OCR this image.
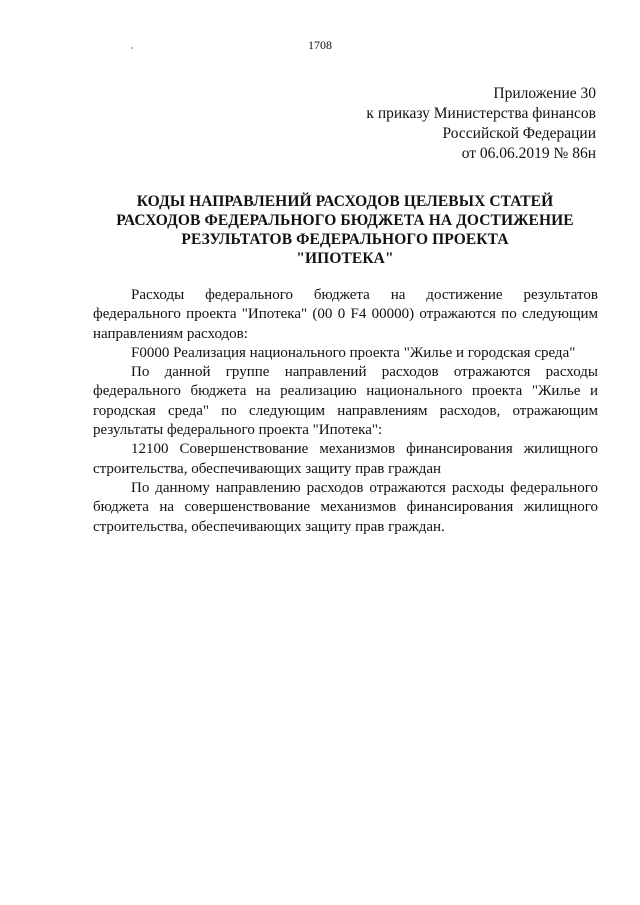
1708
Приложение 30
к приказу Министерства финансов
Российской Федерации
от 06.06.2019 № 86н
КОДЫ НАПРАВЛЕНИЙ РАСХОДОВ ЦЕЛЕВЫХ СТАТЕЙ
РАСХОДОВ ФЕДЕРАЛЬНОГО БЮДЖЕТА НА ДОСТИЖЕНИЕ
РЕЗУЛЬТАТОВ ФЕДЕРАЛЬНОГО ПРОЕКТА
"ИПОТЕКА"

Расходы федерального бюджета на достижение результатов федерального проекта "Ипотека" (00 0 F4 00000) отражаются по следующим направлениям расходов:

F0000 Реализация национального проекта "Жилье и городская среда"

По данной группе направлений расходов отражаются расходы федерального бюджета на реализацию национального проекта "Жилье и городская среда" по следующим направлениям расходов, отражающим результаты федерального проекта "Ипотека":

12100 Совершенствование механизмов финансирования жилищного строительства, обеспечивающих защиту прав граждан

По данному направлению расходов отражаются расходы федерального бюджета на совершенствование механизмов финансирования жилищного строительства, обеспечивающих защиту прав граждан.
